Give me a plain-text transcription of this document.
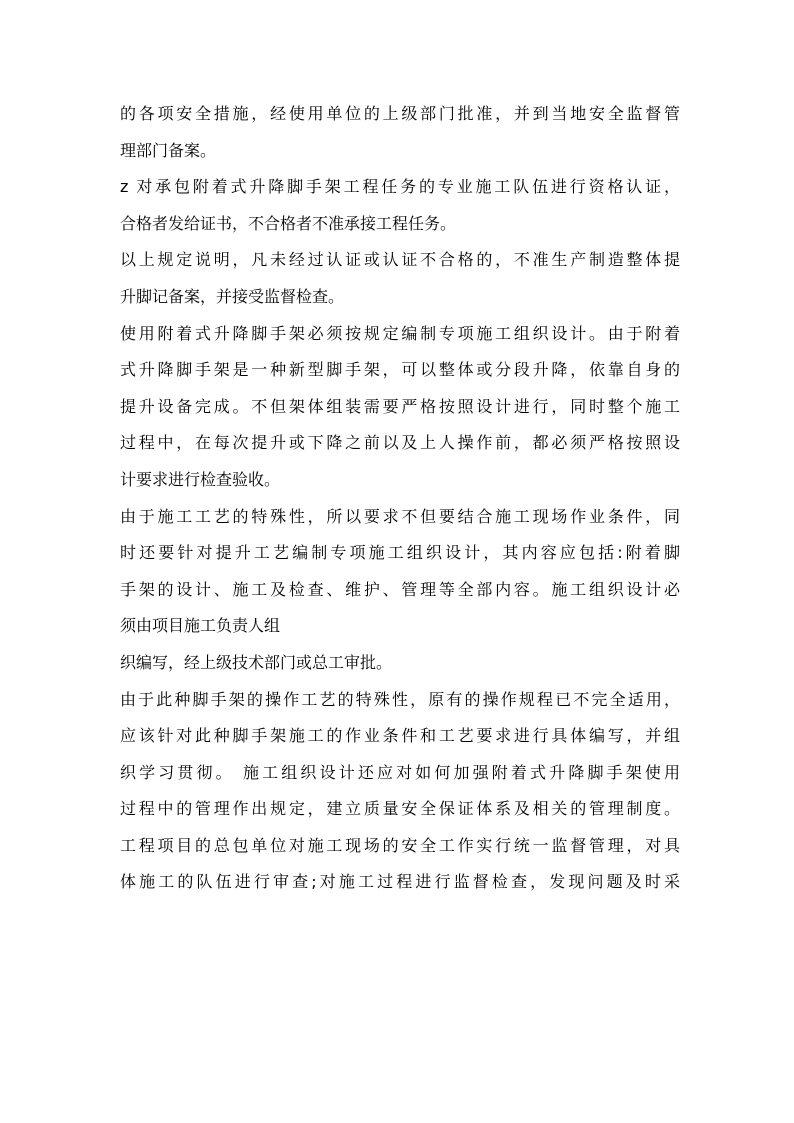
的各项安全措施，经使用单位的上级部门批准，并到当地安全监督管
理部门备案。
z 对承包附着式升降脚手架工程任务的专业施工队伍进行资格认证，
合格者发给证书，不合格者不准承接工程任务。
以上规定说明，凡未经过认证或认证不合格的，不准生产制造整体提
升脚记备案，并接受监督检查。
使用附着式升降脚手架必须按规定编制专项施工组织设计。由于附着
式升降脚手架是一种新型脚手架，可以整体或分段升降，依靠自身的
提升设备完成。不但架体组装需要严格按照设计进行，同时整个施工
过程中，在每次提升或下降之前以及上人操作前，都必须严格按照设
计要求进行检查验收。
由于施工工艺的特殊性，所以要求不但要结合施工现场作业条件，同
时还要针对提升工艺编制专项施工组织设计，其内容应包括:附着脚
手架的设计、施工及检查、维护、管理等全部内容。施工组织设计必
须由项目施工负责人组
织编写，经上级技术部门或总工审批。
由于此种脚手架的操作工艺的特殊性，原有的操作规程已不完全适用，
应该针对此种脚手架施工的作业条件和工艺要求进行具体编写，并组
织学习贯彻。 施工组织设计还应对如何加强附着式升降脚手架使用
过程中的管理作出规定，建立质量安全保证体系及相关的管理制度。
工程项目的总包单位对施工现场的安全工作实行统一监督管理，对具
体施工的队伍进行审查;对施工过程进行监督检查，发现问题及时采
